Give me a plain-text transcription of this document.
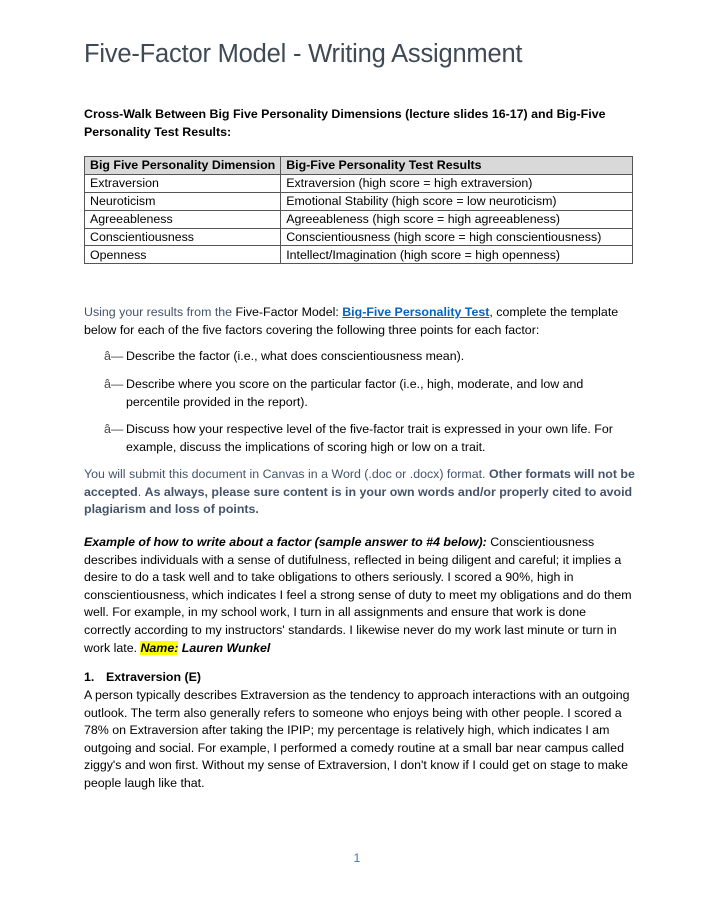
Five-Factor Model - Writing Assignment
Cross-Walk Between Big Five Personality Dimensions (lecture slides 16-17) and Big-Five Personality Test Results:
Big Five Personality Dimension	Big-Five Personality Test Results
Extraversion	Extraversion (high score = high extraversion)
Neuroticism	Emotional Stability (high score = low neuroticism)
Agreeableness	Agreeableness (high score = high agreeableness)
Conscientiousness	Conscientiousness (high score = high conscientiousness)
Openness	Intellect/Imagination (high score = high openness)
Using your results from the Five-Factor Model: Big-Five Personality Test, complete the template below for each of the five factors covering the following three points for each factor:
â— Describe the factor (i.e., what does conscientiousness mean).
â— Describe where you score on the particular factor (i.e., high, moderate, and low and percentile provided in the report).
â— Discuss how your respective level of the five-factor trait is expressed in your own life. For example, discuss the implications of scoring high or low on a trait.
You will submit this document in Canvas in a Word (.doc or .docx) format. Other formats will not be accepted. As always, please sure content is in your own words and/or properly cited to avoid plagiarism and loss of points.
Example of how to write about a factor (sample answer to #4 below): Conscientiousness describes individuals with a sense of dutifulness, reflected in being diligent and careful; it implies a desire to do a task well and to take obligations to others seriously. I scored a 90%, high in conscientiousness, which indicates I feel a strong sense of duty to meet my obligations and do them well. For example, in my school work, I turn in all assignments and ensure that work is done correctly according to my instructors' standards. I likewise never do my work last minute or turn in work late. Name: Lauren Wunkel
1. Extraversion (E)
A person typically describes Extraversion as the tendency to approach interactions with an outgoing outlook. The term also generally refers to someone who enjoys being with other people. I scored a 78% on Extraversion after taking the IPIP; my percentage is relatively high, which indicates I am outgoing and social. For example, I performed a comedy routine at a small bar near campus called ziggy's and won first. Without my sense of Extraversion, I don't know if I could get on stage to make people laugh like that.
1
